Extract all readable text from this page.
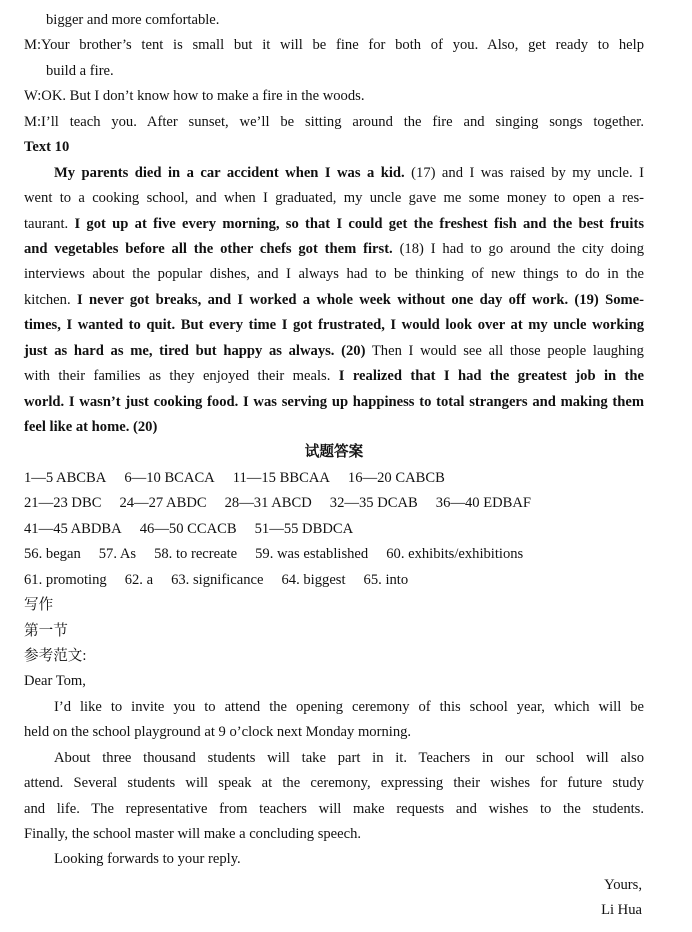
bigger and more comfortable.
M:Your brother’s tent is small but it will be fine for both of you. Also, get ready to help
build a fire.
W:OK. But I don’t know how to make a fire in the woods.
M:I’ll teach you. After sunset, we’ll be sitting around the fire and singing songs together.
Text 10
My parents died in a car accident when I was a kid. (17) and I was raised by my uncle. I
went to a cooking school, and when I graduated, my uncle gave me some money to open a res-
taurant. I got up at five every morning, so that I could get the freshest fish and the best fruits
and vegetables before all the other chefs got them first. (18) I had to go around the city doing
interviews about the popular dishes, and I always had to be thinking of new things to do in the
kitchen. I never got breaks, and I worked a whole week without one day off work. (19) Some-
times, I wanted to quit. But every time I got frustrated, I would look over at my uncle working
just as hard as me, tired but happy as always. (20) Then I would see all those people laughing
with their families as they enjoyed their meals. I realized that I had the greatest job in the
world. I wasn’t just cooking food. I was serving up happiness to total strangers and making them
feel like at home. (20)
试题答案
1—5 ABCBA 6—10 BCACA 11—15 BBCAA 16—20 CABCB
21—23 DBC 24—27 ABDC 28—31 ABCD 32—35 DCAB 36—40 EDBAF
41—45 ABDBA 46—50 CCACB 51—55 DBDCA
56. began 57. As 58. to recreate 59. was established 60. exhibits/exhibitions
61. promoting 62. a 63. significance 64. biggest 65. into
写作
第一节
参考范文:
Dear Tom,
I’d like to invite you to attend the opening ceremony of this school year, which will be
held on the school playground at 9 o’clock next Monday morning.
About three thousand students will take part in it. Teachers in our school will also
attend. Several students will speak at the ceremony, expressing their wishes for future study
and life. The representative from teachers will make requests and wishes to the students.
Finally, the school master will make a concluding speech.
Looking forwards to your reply.
Yours,
Li Hua
